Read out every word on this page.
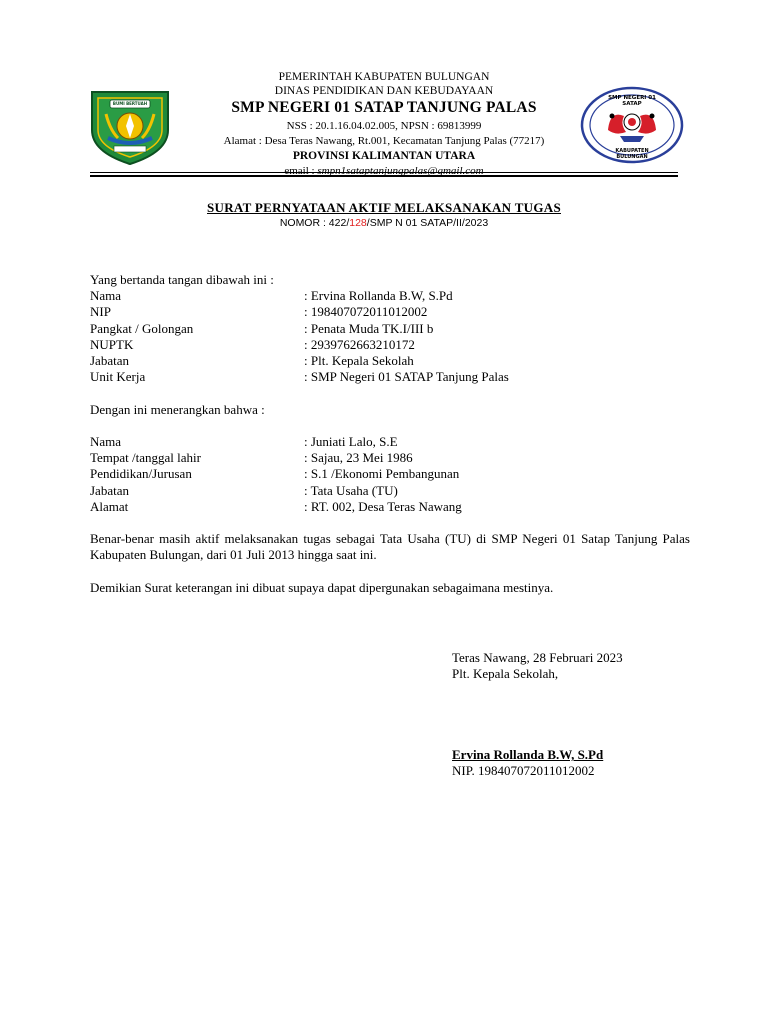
BUMI BERTUAH
SMP NEGERI 01 SATAP
KABUPATEN BULUNGAN
PEMERINTAH KABUPATEN BULUNGAN
DINAS PENDIDIKAN DAN KEBUDAYAAN
SMP NEGERI 01 SATAP TANJUNG PALAS
NSS : 20.1.16.04.02.005, NPSN : 69813999
Alamat : Desa Teras Nawang, Rt.001, Kecamatan Tanjung Palas (77217)
PROVINSI KALIMANTAN UTARA
email : smpn1sataptanjungpalas@gmail.com
SURAT PERNYATAAN AKTIF MELAKSANAKAN TUGAS
NOMOR : 422/128/SMP N 01 SATAP/II/2023
Yang bertanda tangan dibawah ini :
Nama	: Ervina Rollanda B.W, S.Pd
NIP	: 198407072011012002
Pangkat / Golongan	: Penata Muda TK.I/III b
NUPTK	: 2939762663210172
Jabatan	: Plt. Kepala Sekolah
Unit Kerja	: SMP Negeri 01 SATAP Tanjung Palas
Dengan ini menerangkan bahwa :
Nama	: Juniati Lalo, S.E
Tempat /tanggal lahir	: Sajau, 23 Mei 1986
Pendidikan/Jurusan	: S.1 /Ekonomi Pembangunan
Jabatan	: Tata Usaha (TU)
Alamat	: RT. 002, Desa Teras Nawang
Benar-benar masih aktif melaksanakan tugas sebagai Tata Usaha (TU) di SMP Negeri 01 Satap Tanjung Palas Kabupaten Bulungan, dari 01 Juli 2013 hingga saat ini.
Demikian Surat keterangan ini dibuat supaya dapat dipergunakan sebagaimana mestinya.
Teras Nawang, 28 Februari 2023
Plt. Kepala Sekolah,
Ervina Rollanda B.W, S.Pd
NIP. 198407072011012002
